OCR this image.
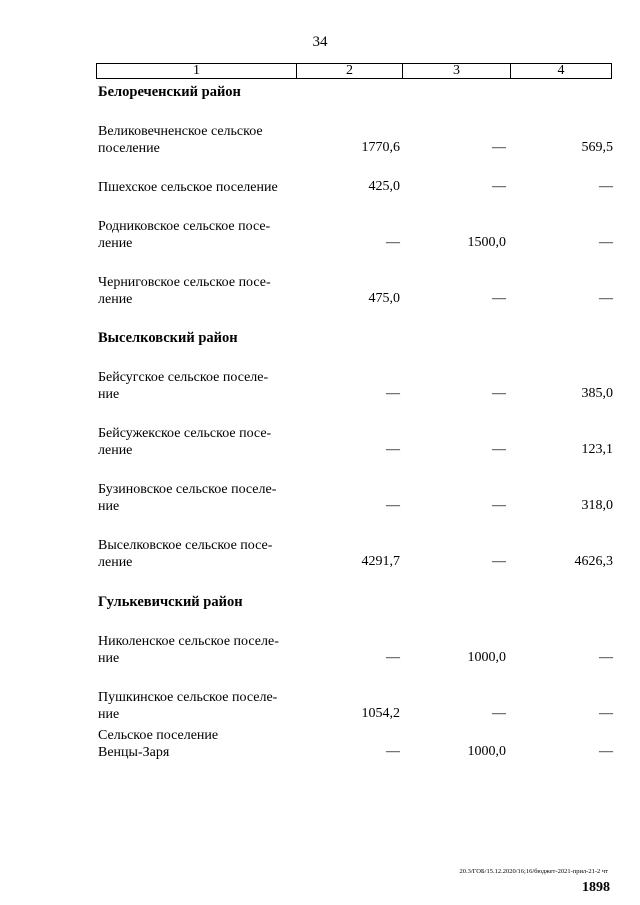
34
1	2	3	4
Белореченский район
Великовечненское сельское
поселение	1770,6	—	569,5
Пшехское сельское поселение	425,0	—	—
Родниковское сельское посе-
ление	—	1500,0	—
Черниговское сельское посе-
ление	475,0	—	—
Выселковский район
Бейсугское сельское поселе-
ние	—	—	385,0
Бейсужекское сельское посе-
ление	—	—	123,1
Бузиновское сельское поселе-
ние	—	—	318,0
Выселковское сельское посе-
ление	4291,7	—	4626,3
Гулькевичский район
Николенское сельское поселе-
ние	—	1000,0	—
Пушкинское сельское поселе-
ние	1054,2	—	—
Сельское поселение
Венцы-Заря	—	1000,0	—
20.3/ГОБ/15.12.2020/16;16/бюджет-2021-прил-21-2 чт
1898
